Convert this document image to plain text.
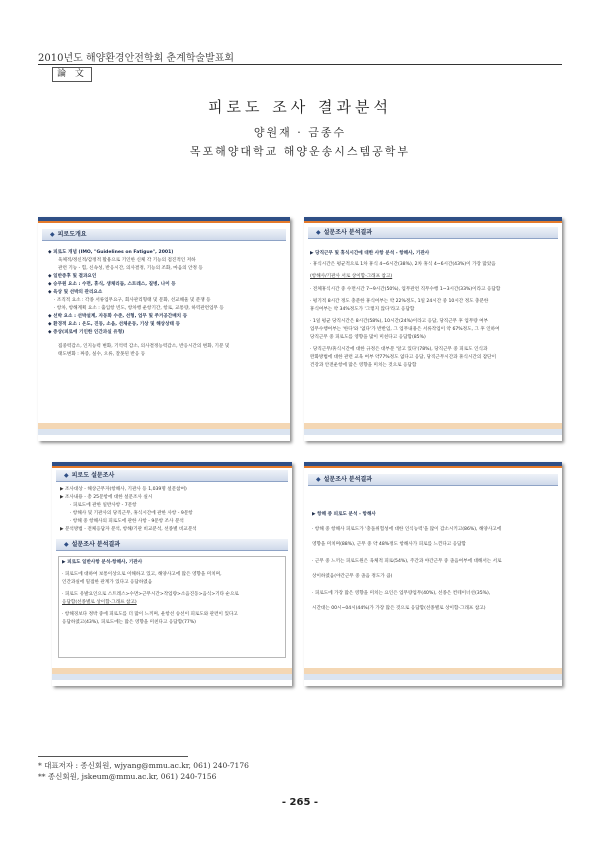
2010년도 해양환경안전학회 춘계학술발표회
論 文
피로도 조사 결과분석
양원재 · 금종수
목포해양대학교 해양운송시스템공학부
◆ 피로도개요
◆ 피로도 개념 (IMO, "Guidelines on Fatigue", 2001)
육체적/정신적/감정적 활용으로 기인한 신체 각 기능의 점진적인 저하
관련 기능 - 힘, 신속성, 반응시간, 의사결정, 기능의 조화, 마음의 안정 등
◆ 일반증후 및 결과요인
◆ 승무원 요소 : 수면, 휴식, 생체리듬, 스트레스, 질병, 나이 등
◆ 육상 및 선박의 관리요소
· 조직적 요소 : 각종 서류업무요구, 회사관리형태 및 문화, 선교해울 및 분쟁 등
· 항차, 항해계획 요소 : 출입항 빈도, 항차행 운항기간, 항로, 교통량, 하역관련업무 등
◆ 선박 요소 : 선박설계, 자동화 수준, 선형, 업무 및 주거공간배치 등
◆ 환경적 요소 : 온도, 진동, 소음, 선체운동, 기상 및 해상상태 등
◆ 증상(피로에 기인한 인간과실 유형)
집중력감소, 인지능력 변화, 기억력 감소, 의사결정능력감소, 반응시간의 변화, 기분 및
태도변화 : 짜증, 실수, 오류, 잘못된 반응 등
◆ 설문조사 분석결과
▶ 당직근무 및 휴식시간에 대한 사항 분석 - 항해사, 기관사
· 휴식시간은 평균적으로 1차 휴식 4~6시간(38%), 2차 휴식 4~6시간(43%)이 가장 많았음
(항해사/기관사 서로 상이함-그래프 참고)
· 전체휴식시간 중 수면시간 7~9시간(50%), 업무관련 직무수행 1~3시간(33%)이라고 응답함
· 평기적 8시간 정도 충분한 휴식여부는 약 22%정도, 1일 24시간 중 10시간 정도 충분한
휴식여부는 약 34%정도가 '그렇지 않다'라고 응답함
· 1일 평균 당직시간은 8시간(58%), 10시간(24%)이라고 응답, 당직근무 후 업무량 여부
업무수행여부는 '한다'와 '없다'가 반반임, 그 업무내용은 서류작업이 약 67%정도, 그 후 인하여
당직근무 중 피로도를 영향을 많이 미친다고 응답함(85%)
· 당직근무/휴식시간에 대한 규정은 대부분 '알고 있다'(78%), 당직근무 중 피로도 인식과
완화방법에 대한 관련 교육 여부 약77%정도 없다고 응답, 당직근무시간과 휴식시간의 잠단이
건강과 안전운항에 많은 영향을 미치는 것으로 응답함
◆ 피로도 설문조사
▶ 조사대상 - 해상근무자(항해사, 기관사 등 1,039명 설문참여)
▶ 조사내용 - 총 25문항에 대한 설문조사 실시
· 피로도에 관한 일반사항 - 7문항
· 항해사 및 기관사의 당직근무, 휴식시간에 관한 사항 - 9문항
· 항해 중 항해사의 피로도에 관한 사항 - 9문항 조사 분석
▶ 분석방법 - 전체응답자 분석, 항해/기관 비교분석, 선종별 비교분석
◆ 설문조사 분석결과
▶ 피로도 일반사항 분석-항해사, 기관사
· 피로도에 대하여 보통이상으로 이해하고 있고, 해양사고에 많은 영향을 미치며,
인간과실에 밀접한 관계가 있다고 응답하였음
· 피로도 유발요인으로 스트레스>수면>근무시간>작업량>소음진동>음식>기타 순으로
응답함(선종별로 상이함-그래프 참고)
· 항해경보다 정박 중에 피로도를 더 많이 느끼며, 운항선 승선이 피로도와 관련이 있다고
응답하였고(43%), 피로도에는 많은 영향을 미친다고 응답함(77%)
◆ 설문조사 분석결과
▶ 항해 중 피로도 분석 - 항해사
· 항해 중 항해사 피로도가 '충돌위험성에 대한 인식능력'을 많이 감소시키고(86%), 해양사고에
영향을 미치며(88%), 근무 중 약 48%정도 항해사가 피로를 느낀다고 응답함
· 근무 중 느끼는 피로도원은 육체적 피로(54%), 주간과 야간근무 중 졸음여부에 대해서는 서로
상이하였음(야간근무 중 졸음 정도가 큼)
· 피로도에 가장 많은 영향을 미치는 요인은 업무량업무(40%), 선종은 컨테이너선(35%),
시간대는 00시~04시(44%)가 가장 많은 것으로 응답함(선종별로 상이함-그래프 참고)
* 대표저자 : 종신회원, wjyang@mmu.ac.kr, 061) 240-7176
** 종신회원, jskeum@mmu.ac.kr, 061) 240-7156
- 265 -
